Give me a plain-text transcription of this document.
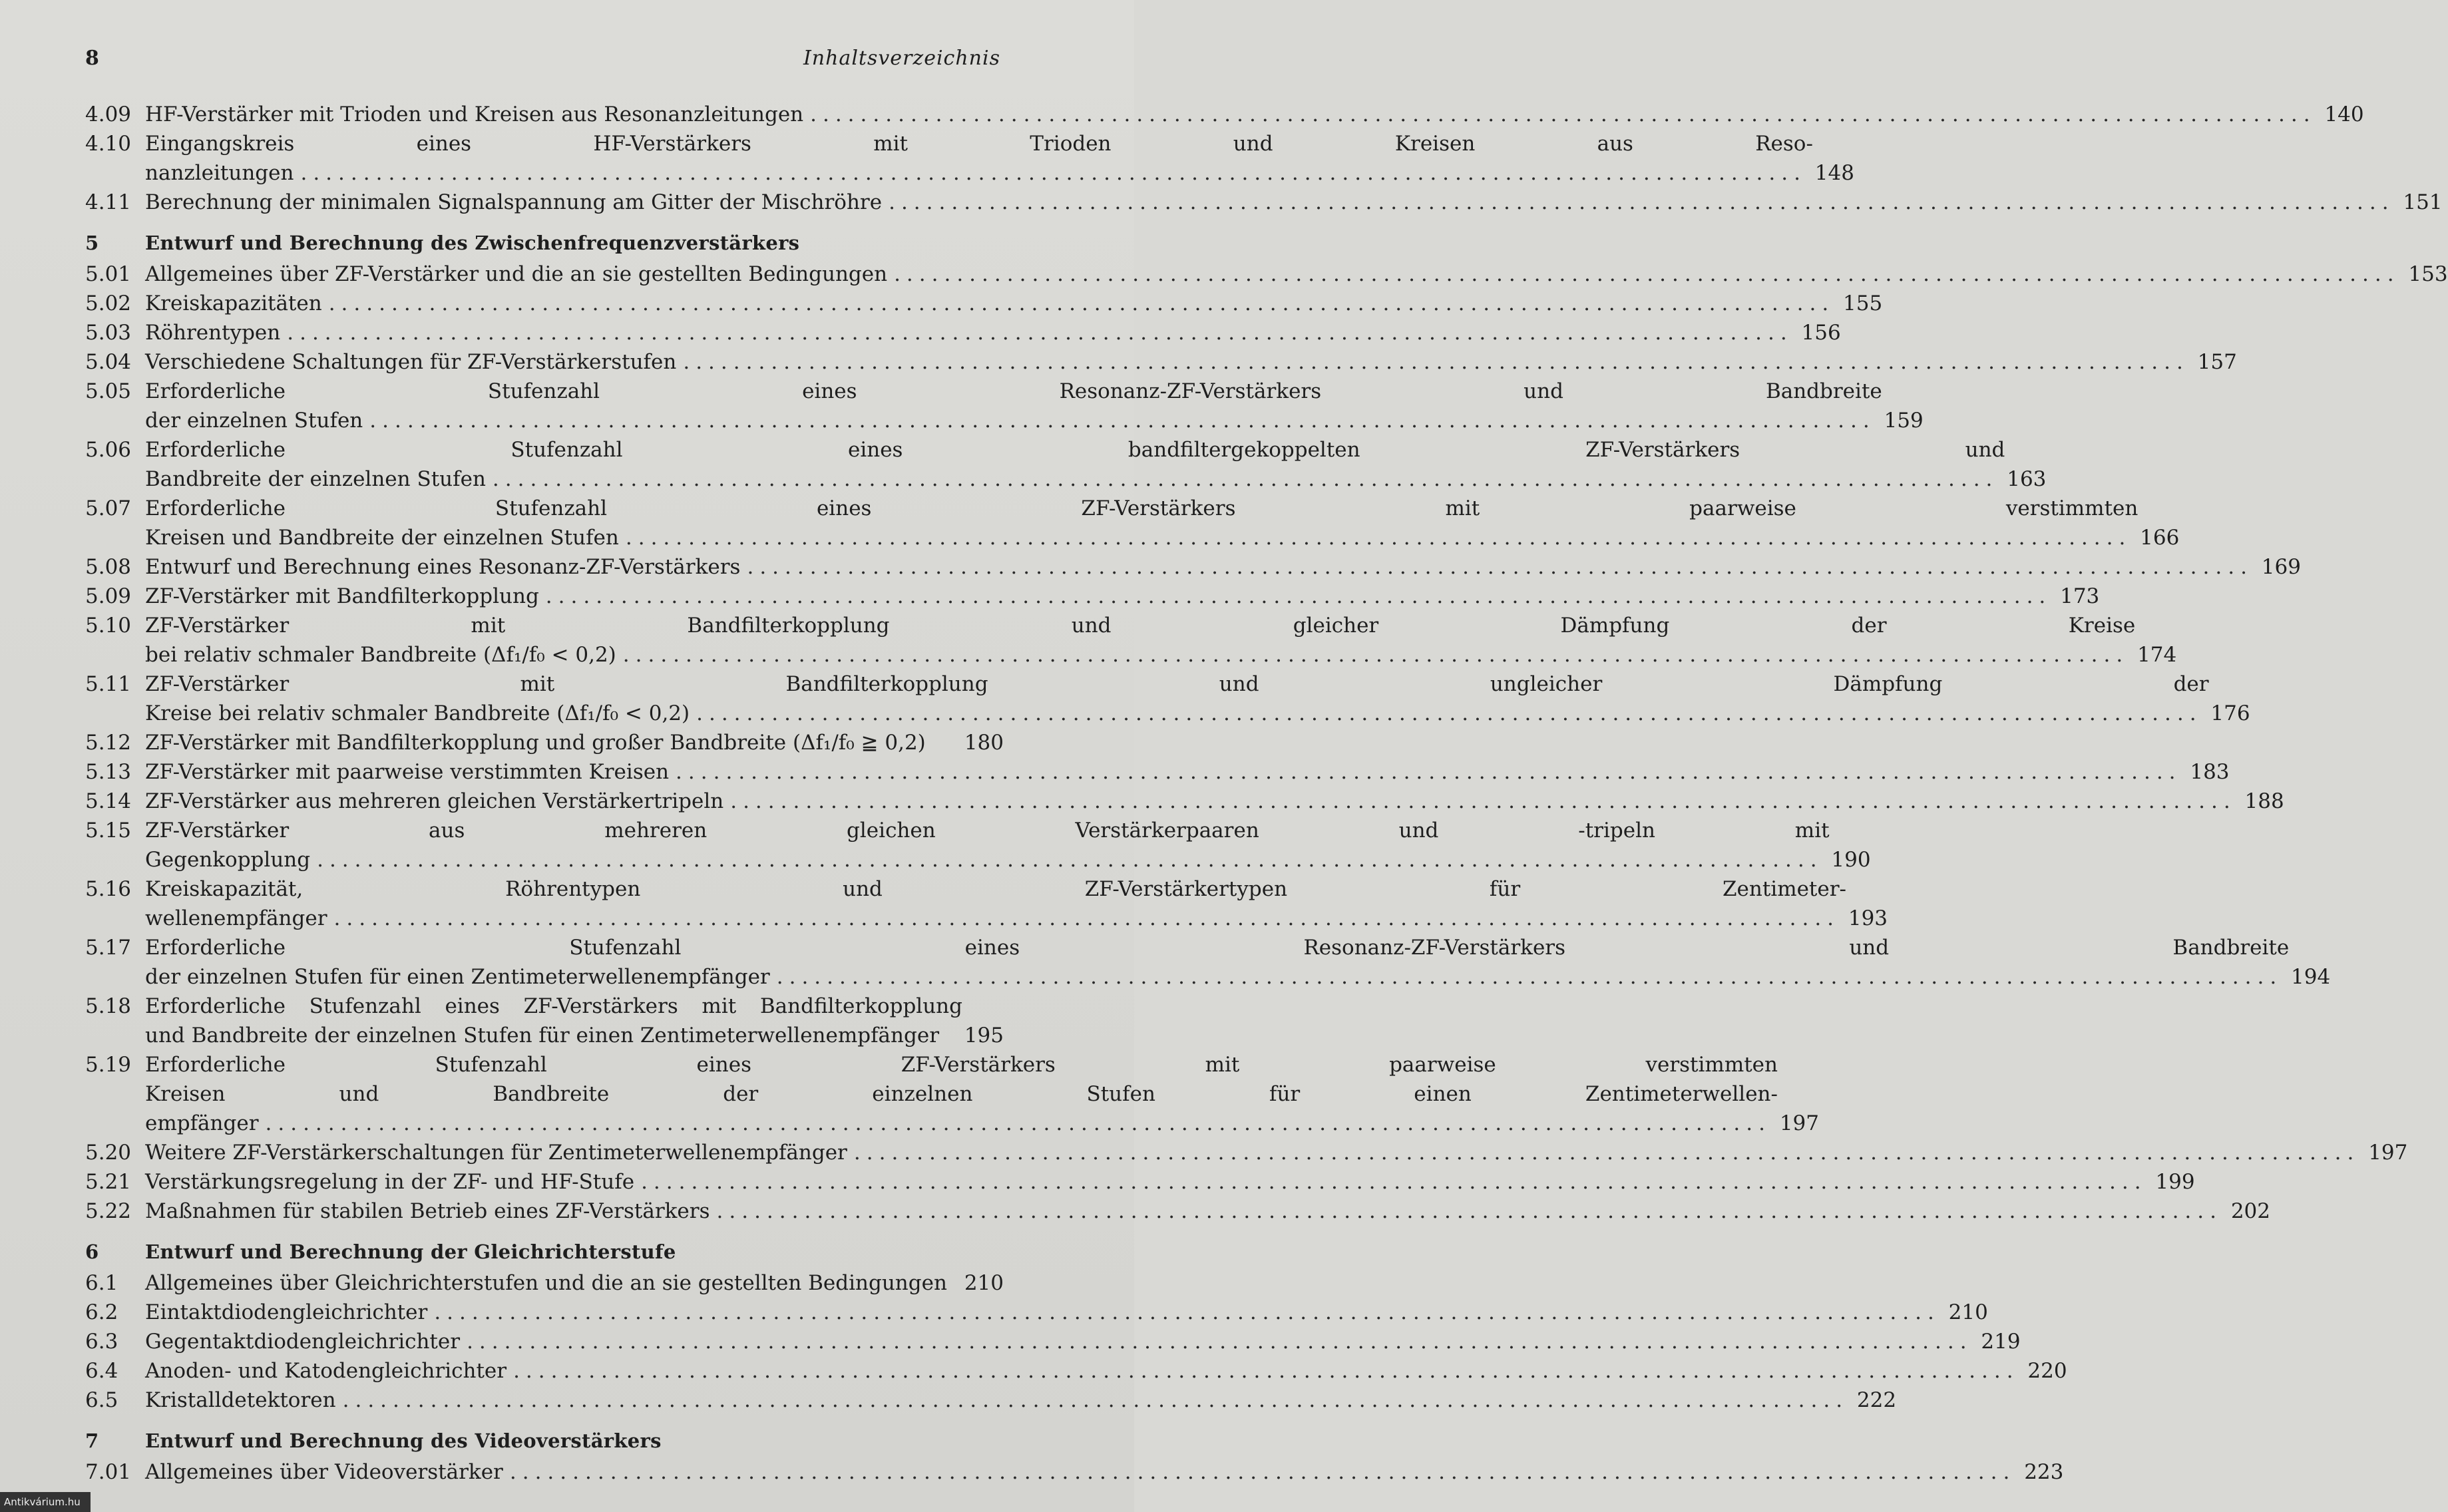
8	Inhaltsverzeichnis
4.09 HF-Verstärker mit Trioden und Kreisen aus Resonanzleitungen ........................................................................................................................ 140
4.10 Eingangskreis eines HF-Verstärkers mit Trioden und Kreisen aus Reso-
nanzleitungen ........................................................................................................................ 148
4.11 Berechnung der minimalen Signalspannung am Gitter der Mischröhre ........................................................................................................................ 151
5	Entwurf und Berechnung des Zwischenfrequenzverstärkers
5.01 Allgemeines über ZF-Verstärker und die an sie gestellten Bedingungen ........................................................................................................................ 153
5.02 Kreiskapazitäten ........................................................................................................................ 155
5.03 Röhrentypen ........................................................................................................................ 156
5.04 Verschiedene Schaltungen für ZF-Verstärkerstufen ........................................................................................................................ 157
5.05 Erforderliche Stufenzahl eines Resonanz-ZF-Verstärkers und Bandbreite
der einzelnen Stufen ........................................................................................................................ 159
5.06 Erforderliche Stufenzahl eines bandfiltergekoppelten ZF-Verstärkers und
Bandbreite der einzelnen Stufen ........................................................................................................................ 163
5.07 Erforderliche Stufenzahl eines ZF-Verstärkers mit paarweise verstimmten
Kreisen und Bandbreite der einzelnen Stufen ........................................................................................................................ 166
5.08 Entwurf und Berechnung eines Resonanz-ZF-Verstärkers ........................................................................................................................ 169
5.09 ZF-Verstärker mit Bandfilterkopplung ........................................................................................................................ 173
5.10 ZF-Verstärker mit Bandfilterkopplung und gleicher Dämpfung der Kreise
bei relativ schmaler Bandbreite (Δf₁/f₀ < 0,2) ........................................................................................................................ 174
5.11 ZF-Verstärker mit Bandfilterkopplung und ungleicher Dämpfung der
Kreise bei relativ schmaler Bandbreite (Δf₁/f₀ < 0,2) ........................................................................................................................ 176
5.12 ZF-Verstärker mit Bandfilterkopplung und großer Bandbreite (Δf₁/f₀ ≧ 0,2) 180
5.13 ZF-Verstärker mit paarweise verstimmten Kreisen ........................................................................................................................ 183
5.14 ZF-Verstärker aus mehreren gleichen Verstärkertripeln ........................................................................................................................ 188
5.15 ZF-Verstärker aus mehreren gleichen Verstärkerpaaren und -tripeln mit
Gegenkopplung ........................................................................................................................ 190
5.16 Kreiskapazität, Röhrentypen und ZF-Verstärkertypen für Zentimeter-
wellenempfänger ........................................................................................................................ 193
5.17 Erforderliche Stufenzahl eines Resonanz-ZF-Verstärkers und Bandbreite
der einzelnen Stufen für einen Zentimeterwellenempfänger ........................................................................................................................ 194
5.18 Erforderliche Stufenzahl eines ZF-Verstärkers mit Bandfilterkopplung
und Bandbreite der einzelnen Stufen für einen Zentimeterwellenempfänger 195
5.19 Erforderliche Stufenzahl eines ZF-Verstärkers mit paarweise verstimmten
Kreisen und Bandbreite der einzelnen Stufen für einen Zentimeterwellen-
empfänger ........................................................................................................................ 197
5.20 Weitere ZF-Verstärkerschaltungen für Zentimeterwellenempfänger ........................................................................................................................ 197
5.21 Verstärkungsregelung in der ZF- und HF-Stufe ........................................................................................................................ 199
5.22 Maßnahmen für stabilen Betrieb eines ZF-Verstärkers ........................................................................................................................ 202
6	Entwurf und Berechnung der Gleichrichterstufe
6.1	Allgemeines über Gleichrichterstufen und die an sie gestellten Bedingungen 210
6.2	Eintaktdiodengleichrichter ........................................................................................................................ 210
6.3	Gegentaktdiodengleichrichter ........................................................................................................................ 219
6.4	Anoden- und Katodengleichrichter ........................................................................................................................ 220
6.5	Kristalldetektoren ........................................................................................................................ 222
7	Entwurf und Berechnung des Videoverstärkers
7.01 Allgemeines über Videoverstärker ........................................................................................................................ 223
Antikvárium.hu
